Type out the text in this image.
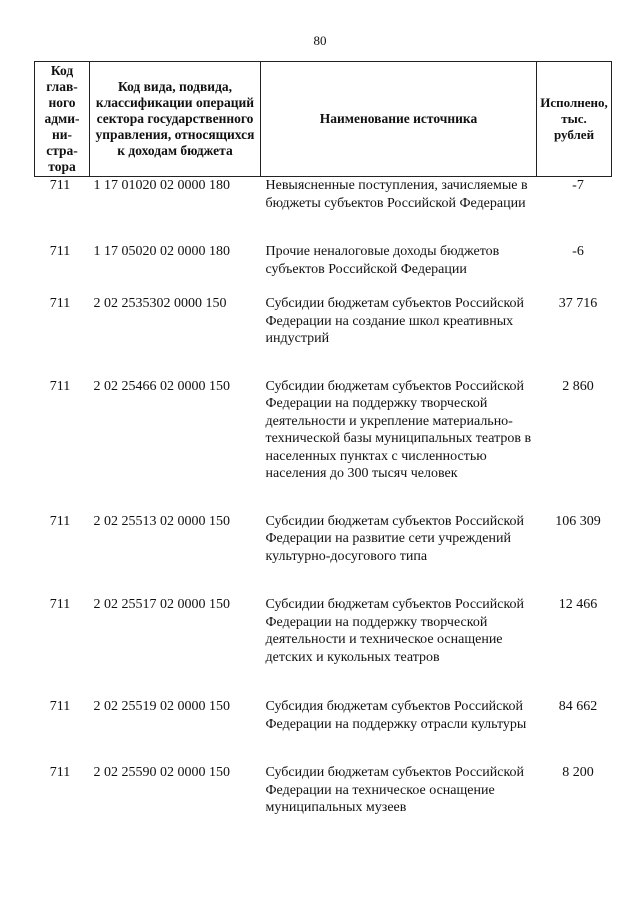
80
Код глав- ного адми- ни- стра- тора	Код вида, подвида, классификации операций сектора государственного управления, относящихся к доходам бюджета	Наименование источника	Исполнено, тыс. рублей
711	1 17 01020 02 0000 180	Невыясненные поступления, зачисляемые в бюджеты субъектов Российской Федерации	-7
711	1 17 05020 02 0000 180	Прочие неналоговые доходы бюджетов субъектов Российской Федерации	-6
711	2 02 2535302 0000 150	Субсидии бюджетам субъектов Российской Федерации на создание школ креативных индустрий	37 716
711	2 02 25466 02 0000 150	Субсидии бюджетам субъектов Российской Федерации на поддержку творческой деятельности и укрепление материально-технической базы муниципальных театров в населенных пунктах с численностью населения до 300 тысяч человек	2 860
711	2 02 25513 02 0000 150	Субсидии бюджетам субъектов Российской Федерации на развитие сети учреждений культурно-досугового типа	106 309
711	2 02 25517 02 0000 150	Субсидии бюджетам субъектов Российской Федерации на поддержку творческой деятельности и техническое оснащение детских и кукольных театров	12 466
711	2 02 25519 02 0000 150	Субсидия бюджетам субъектов Российской Федерации на поддержку отрасли культуры	84 662
711	2 02 25590 02 0000 150	Субсидии бюджетам субъектов Российской Федерации на техническое оснащение муниципальных музеев	8 200
